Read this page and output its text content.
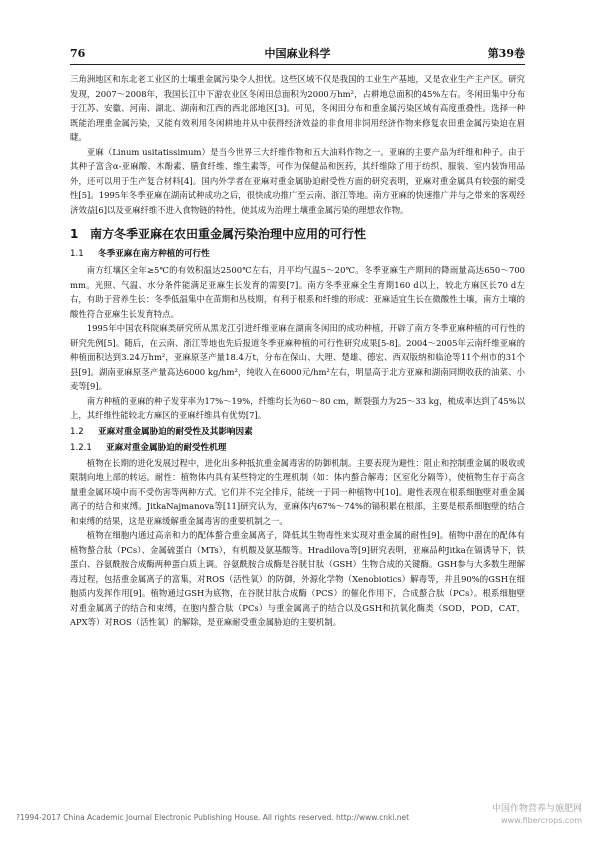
76	中国麻业科学	第39卷

三角洲地区和东北老工业区的土壤重金属污染令人担忧。这些区域不仅是我国的工业生产基地，又是农业生产主产区。研究发现，2007～2008年，我国长江中下游农业区冬闲田总面积为2000万hm²，占耕地总面积的45%左右。冬闲田集中分布于江苏、安徽、河南、湖北、湖南和江西的西北部地区[3]。可见，冬闲田分布和重金属污染区域有高度重叠性。选择一种既能治理重金属污染，又能有效利用冬闲耕地并从中获得经济效益的非食用非饲用经济作物来修复农田重金属污染迫在眉睫。

亚麻（Linum usitatissimum）是当今世界三大纤维作物和五大油料作物之一。亚麻的主要产品为纤维和种子。由于其种子富含α-亚麻酸、木酚素、膳食纤维、维生素等，可作为保健品和医药，其纤维除了用于纺织、服装、室内装饰用品外，还可以用于生产复合材料[4]。国内外学者在亚麻对重金属胁迫耐受性方面的研究表明，亚麻对重金属具有较强的耐受性[5]。1995年冬季亚麻在湖南试种成功之后，很快成功推广至云南、浙江等地。南方亚麻的快速推广并与之带来的客观经济效益[6]以及亚麻纤维不进入食物链的特性，使其成为治理土壤重金属污染的理想农作物。

1 南方冬季亚麻在农田重金属污染治理中应用的可行性
1.1 冬季亚麻在南方种植的可行性

南方红壤区全年≥5℃的有效积温达2500℃左右，月平均气温5～20℃。冬季亚麻生产期间的降雨量高达650～700 mm。光照、气温、水分条件能满足亚麻生长发育的需要[7]。南方冬季亚麻全生育期160 d以上，较北方麻区长70 d左右，有助于营养生长：冬季低温集中在苗期和丛枝期，有利于根系和纤维的形成：亚麻适宜生长在微酸性土壤，南方土壤的酸性符合亚麻生长发育特点。

1995年中国农科院麻类研究所从黑龙江引进纤维亚麻在湖南冬闲田的成功种植，开辟了南方冬季亚麻种植的可行性的研究先例[5]。随后，在云南、浙江等地也先后报道冬季亚麻种植的可行性研究成果[5-8]。2004～2005年云南纤维亚麻的种植面积达到3.24万hm²，亚麻原茎产量18.4万t，分布在保山、大理、楚雄、德宏、西双版纳和临沧等11个州市的31个县[9]。湖南亚麻原茎产量高达6000 kg/hm²，纯收入在6000元/hm²左右，明显高于北方亚麻和湖南同期收获的油菜、小麦等[9]。

南方种植的亚麻的种子发芽率为17%～19%，纤维均长为60～80 cm，断裂强力为25～33 kg，梳成率达到了45%以上，其纤维性能较北方麻区的亚麻纤维具有优势[7]。

1.2 亚麻对重金属胁迫的耐受性及其影响因素
1.2.1 亚麻对重金属胁迫的耐受性机理

植物在长期的进化发展过程中，进化出多种抵抗重金属毒害的防御机制。主要表现为避性：阻止和控制重金属的吸收或限制向地上部的转运。耐性：植物体内具有某些特定的生理机制（如：体内螯合解毒；区室化分隔等），使植物生存于高含量重金属环境中而不受伤害等两种方式。它们并不完全排斥，能统一于同一种植物中[10]。避性表现在根系细胞壁对重金属离子的结合和束缚。JitkaNajmanova等[11]研究认为，亚麻体内67%～74%的镉积累在根部，主要是根系细胞壁的结合和束缚的结果，这是亚麻缓解重金属毒害的重要机制之一。

植物在细胞内通过高亲和力的配体螯合重金属离子，降低其生物毒性来实现对重金属的耐性[9]。植物中潜在的配体有植物螯合肽（PCs）、金属硫蛋白（MTs），有机酸及氨基酸等。Hradilova等[9]研究表明，亚麻品种Jitka在镉诱导下，铁蛋白、谷氨酰胺合成酶两种蛋白质上调。谷氨酰胺合成酶是谷胱甘肽（GSH）生物合成的关键酶。GSH参与大多数生理解毒过程，包括重金属离子的富集，对ROS（活性氧）的防御，外源化学物（Xenobiotics）解毒等，并且90%的GSH在细胞质内发挥作用[9]。植物通过GSH为底物，在谷胱甘肽合成酶（PCS）的催化作用下，合成螯合肽（PCs）。根系细胞壁对重金属离子的结合和束缚，在胞内螯合肽（PCs）与重金属离子的结合以及GSH和抗氧化酶类（SOD，POD，CAT，APX等）对ROS（活性氧）的解除，是亚麻耐受重金属胁迫的主要机制。

?1994-2017 China Academic Journal Electronic Publishing House. All rights reserved. http://www.cnki.net
中国作物营养与施肥网
www.fibercrops.com
